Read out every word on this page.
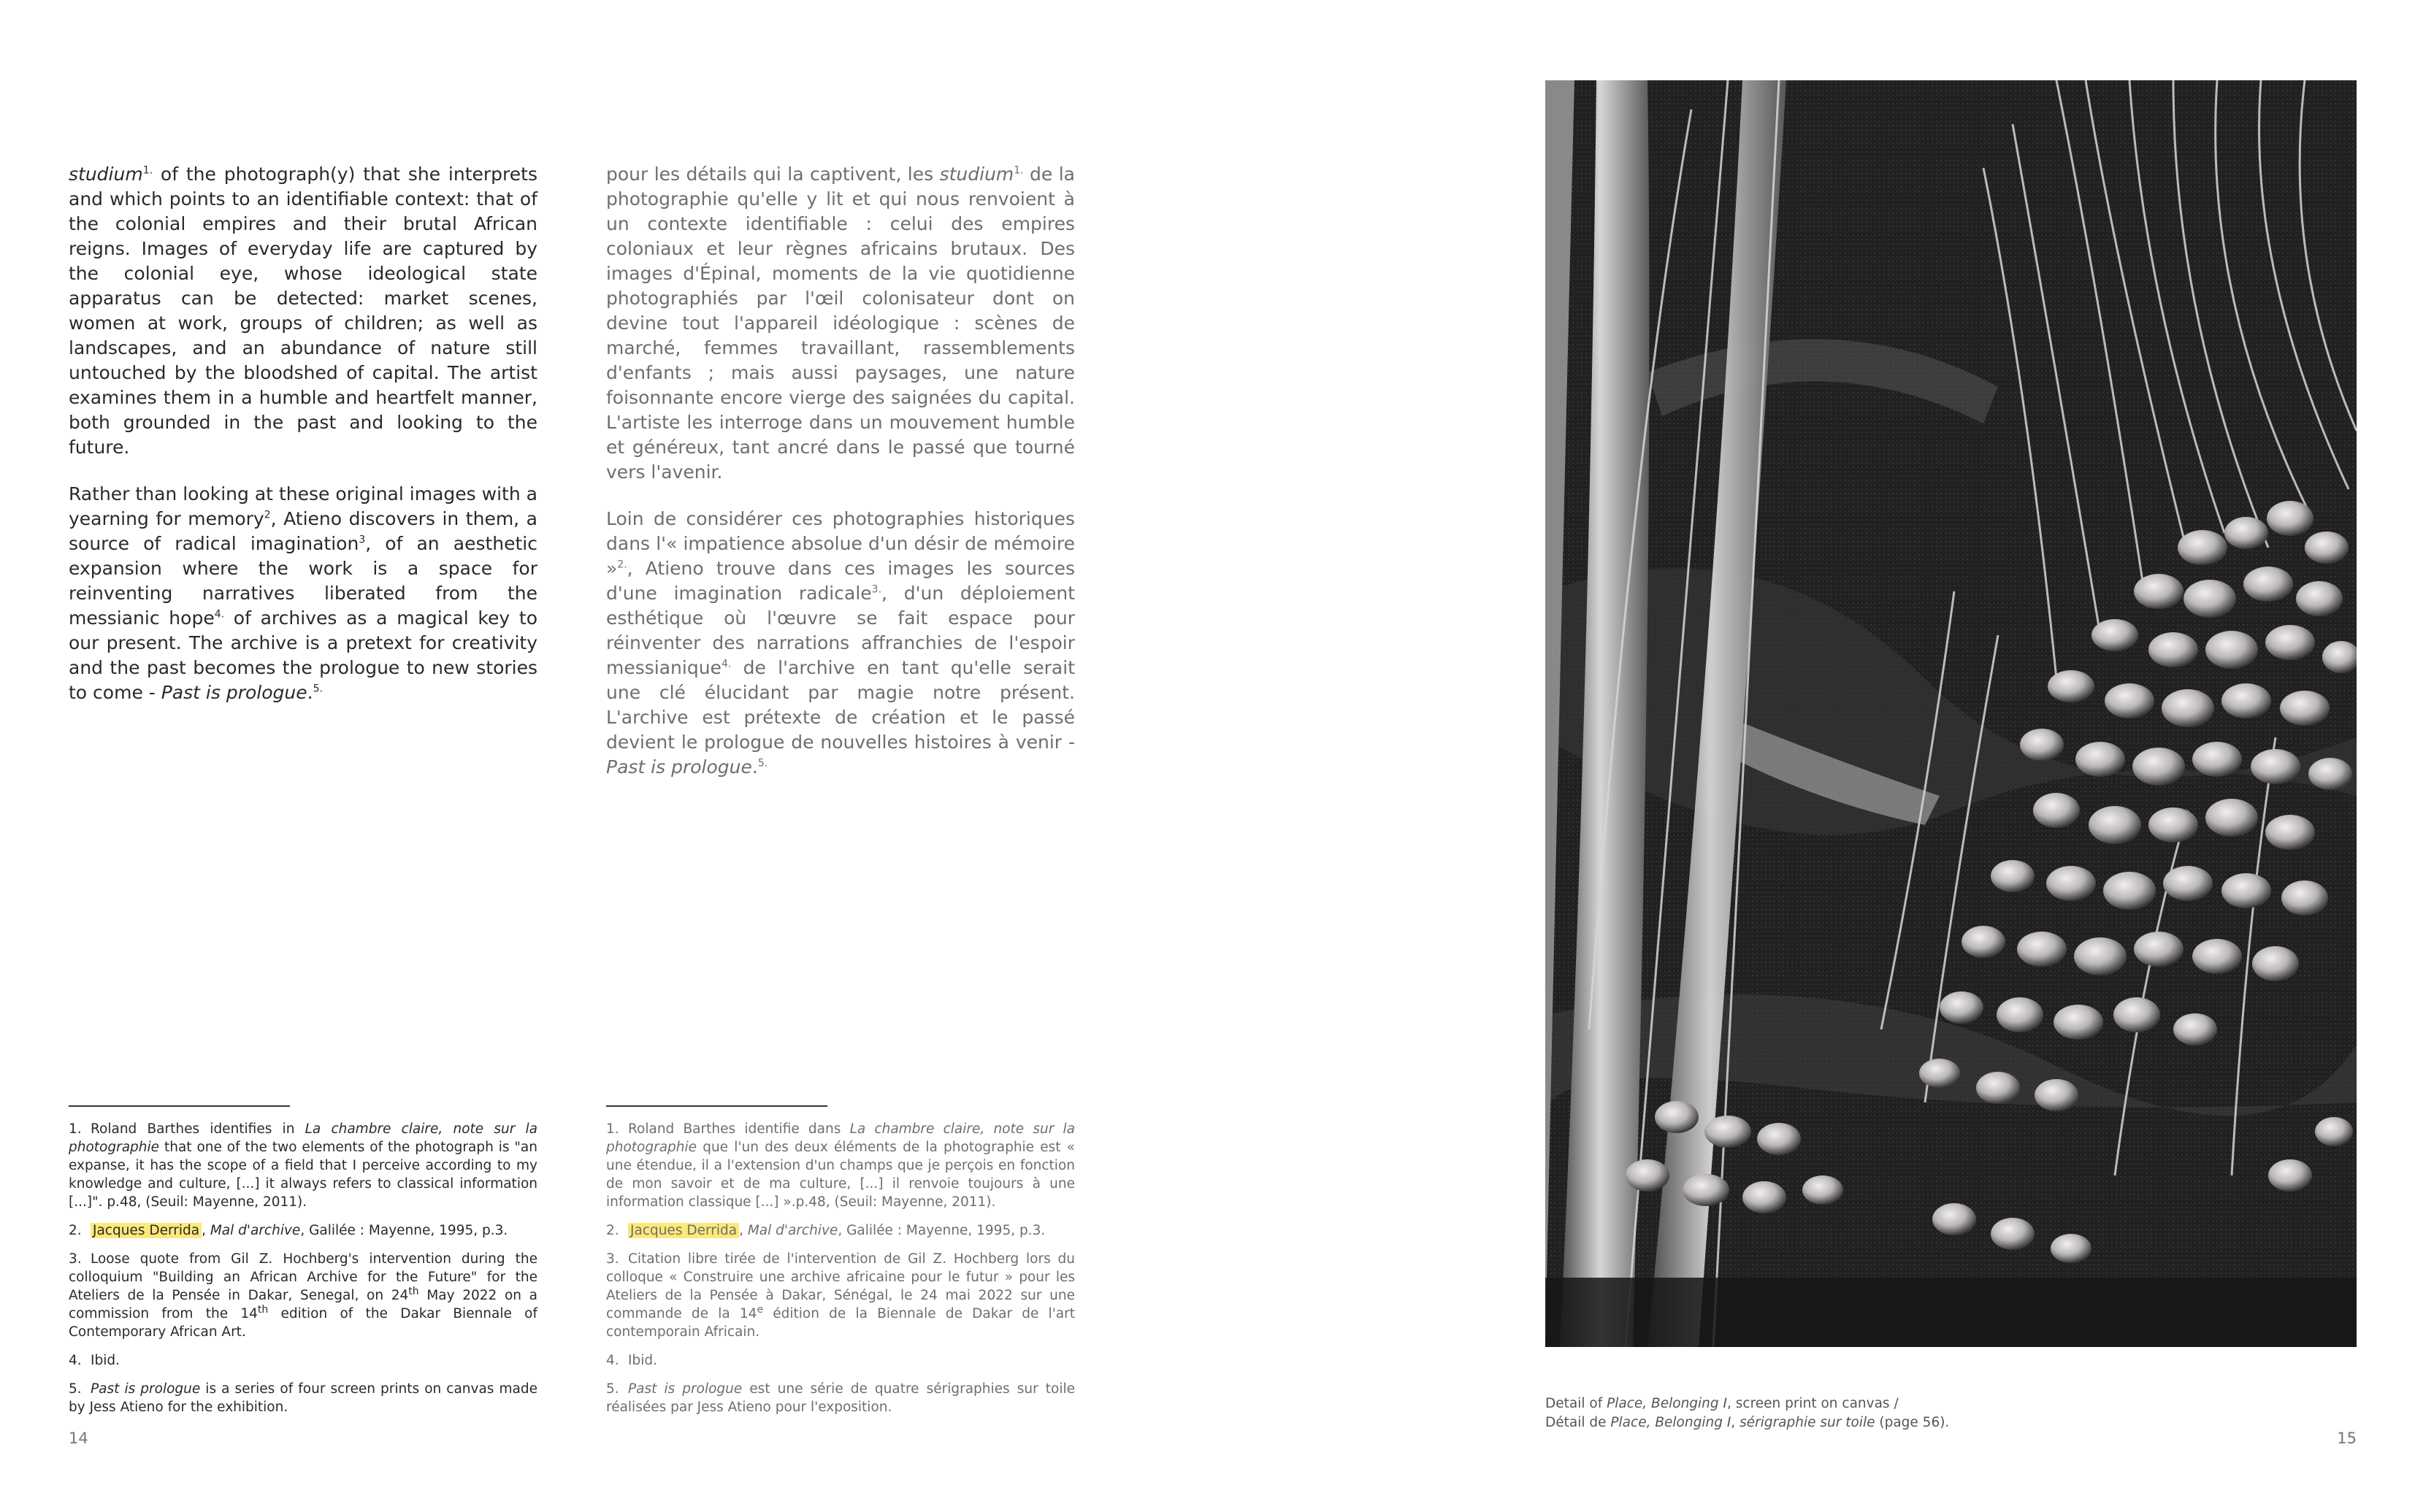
studium$^{1.}$ of the photograph(y) that she interprets and which points to an identifiable context: that of the colonial empires and their brutal African reigns. Images of everyday life are captured by the colonial eye, whose ideological state apparatus can be detected: market scenes, women at work, groups of children; as well as landscapes, and an abundance of nature still untouched by the bloodshed of capital. The artist examines them in a humble and heartfelt manner, both grounded in the past and looking to the future.

Rather than looking at these original images with a yearning for memory$^2$, Atieno discovers in them, a source of radical imagination$^3$, of an aesthetic expansion where the work is a space for reinventing narratives liberated from the messianic hope$^{4.}$ of archives as a magical key to our present. The archive is a pretext for creativity and the past becomes the prologue to new stories to come - Past is prologue.$^{5.}$

pour les détails qui la captivent, les studium$^{1.}$ de la photographie qu'elle y lit et qui nous renvoient à un contexte identifiable : celui des empires coloniaux et leur règnes africains brutaux. Des images d'Épinal, moments de la vie quotidienne photographiés par l'œil colonisateur dont on devine tout l'appareil idéologique : scènes de marché, femmes travaillant, rassemblements d'enfants ; mais aussi paysages, une nature foisonnante encore vierge des saignées du capital. L'artiste les interroge dans un mouvement humble et généreux, tant ancré dans le passé que tourné vers l'avenir.

Loin de considérer ces photographies historiques dans l'« impatience absolue d'un désir de mémoire »$^{2.}$, Atieno trouve dans ces images les sources d'une imagination radicale$^{3.}$, d'un déploiement esthétique où l'œuvre se fait espace pour réinventer des narrations affranchies de l'espoir messianique$^{4.}$ de l'archive en tant qu'elle serait une clé élucidant par magie notre présent. L'archive est prétexte de création et le passé devient le prologue de nouvelles histoires à venir - Past is prologue.$^{5.}$

1. Roland Barthes identifies in La chambre claire, note sur la photographie that one of the two elements of the photograph is "an expanse, it has the scope of a field that I perceive according to my knowledge and culture, [...] it always refers to classical information [...]". p.48, (Seuil: Mayenne, 2011).

2. Jacques Derrida , Mal d'archive, Galilée : Mayenne, 1995, p.3.

3. Loose quote from Gil Z. Hochberg's intervention during the colloquium "Building an African Archive for the Future" for the Ateliers de la Pensée in Dakar, Senegal, on 24th May 2022 on a commission from the 14th edition of the Dakar Biennale of Contemporary African Art.

4. Ibid.

5. Past is prologue is a series of four screen prints on canvas made by Jess Atieno for the exhibition.

1. Roland Barthes identifie dans La chambre claire, note sur la photographie que l'un des deux éléments de la photographie est « une étendue, il a l'extension d'un champs que je perçois en fonction de mon savoir et de ma culture, [...] il renvoie toujours à une information classique [...] ».p.48, (Seuil: Mayenne, 2011).

2. Jacques Derrida , Mal d'archive, Galilée : Mayenne, 1995, p.3.

3. Citation libre tirée de l'intervention de Gil Z. Hochberg lors du colloque « Construire une archive africaine pour le futur » pour les Ateliers de la Pensée à Dakar, Sénégal, le 24 mai 2022 sur une commande de la 14e édition de la Biennale de Dakar de l'art contemporain Africain.

4. Ibid.

5. Past is prologue est une série de quatre sérigraphies sur toile réalisées par Jess Atieno pour l'exposition.

14
Detail of Place, Belonging I, screen print on canvas /
Détail de Place, Belonging I, sérigraphie sur toile (page 56).
15
